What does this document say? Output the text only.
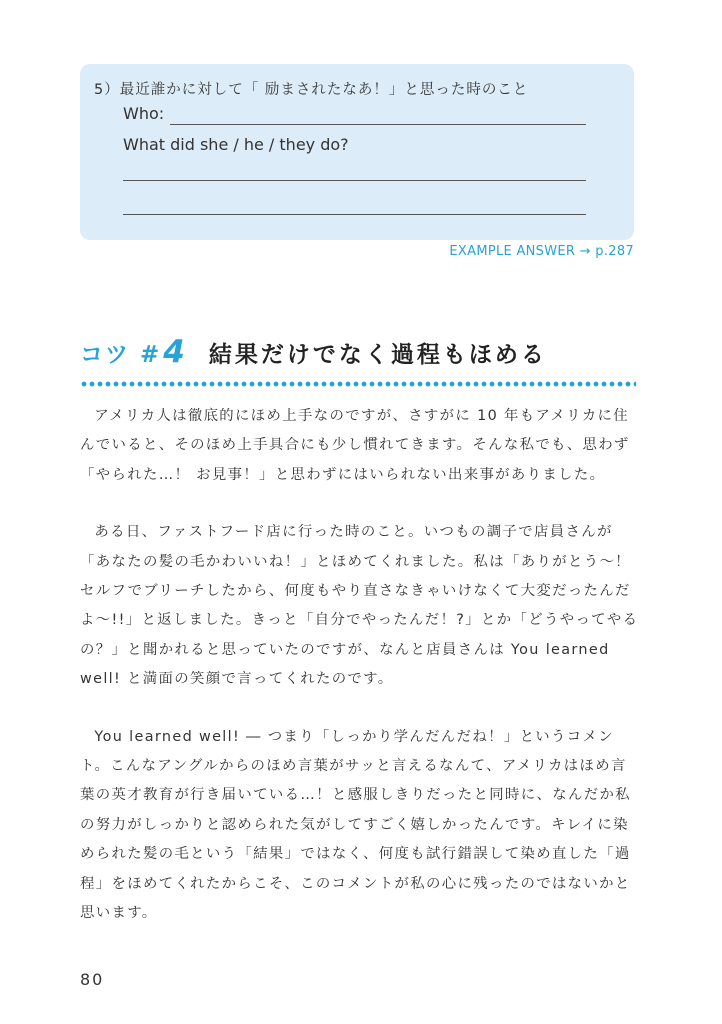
5）最近誰かに対して「 励まされたなあ！」と思った時のこと
Who:
What did she / he / they do?
EXAMPLE ANSWER → p.287
コツ # 4 結果だけでなく過程もほめる

アメリカ人は徹底的にほめ上手なのですが、さすがに 10 年もアメリカに住んでいると、そのほめ上手具合にも少し慣れてきます。そんな私でも、思わず「やられた…！ お見事！」と思わずにはいられない出来事がありました。

ある日、ファストフード店に行った時のこと。いつもの調子で店員さんが「あなたの髪の毛かわいいね！」とほめてくれました。私は「ありがとう～！ セルフでブリーチしたから、何度もやり直さなきゃいけなくて大変だったんだよ～!!」と返しました。きっと「自分でやったんだ！?」とか「どうやってやるの？」と聞かれると思っていたのですが、なんと店員さんは You learned well! と満面の笑顔で言ってくれたのです。

You learned well! ― つまり「しっかり学んだんだね！」というコメント。こんなアングルからのほめ言葉がサッと言えるなんて、アメリカはほめ言葉の英才教育が行き届いている…！と感服しきりだったと同時に、なんだか私の努力がしっかりと認められた気がしてすごく嬉しかったんです。キレイに染められた髪の毛という「結果」ではなく、何度も試行錯誤して染め直した「過程」をほめてくれたからこそ、このコメントが私の心に残ったのではないかと思います。

80
